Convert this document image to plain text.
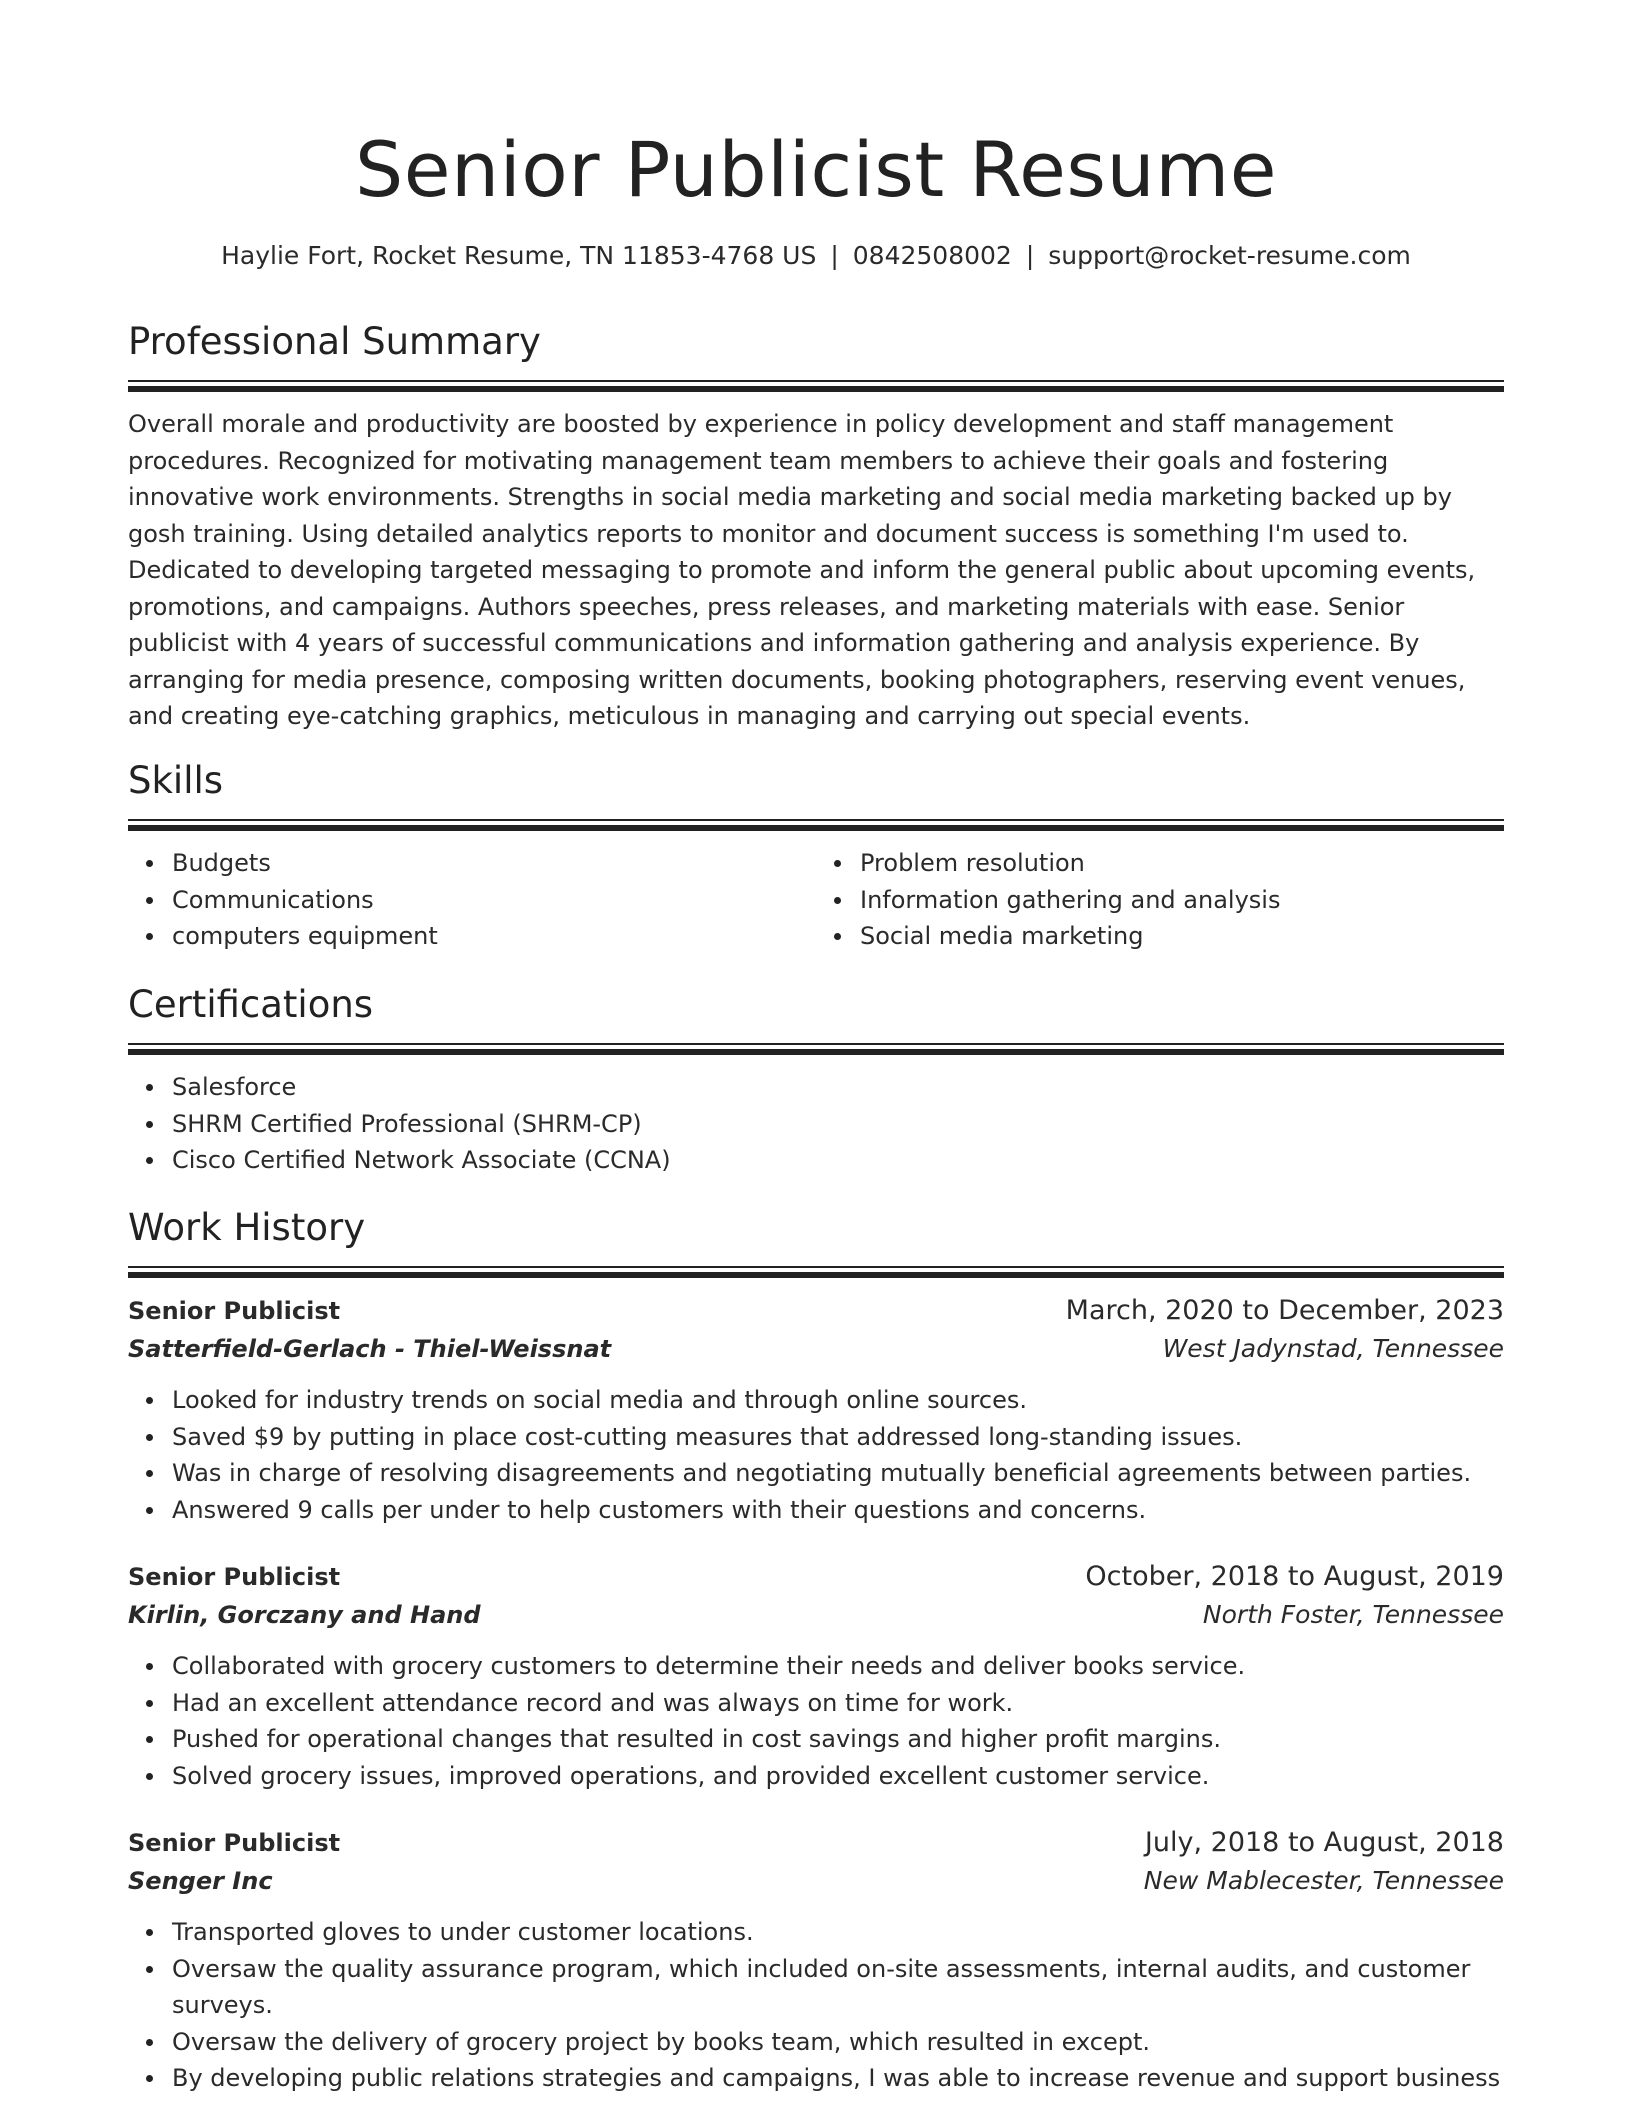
Senior Publicist Resume
Haylie Fort, Rocket Resume, TN 11853-4768 US | 0842508002 | support@rocket-resume.com
Professional Summary

Overall morale and productivity are boosted by experience in policy development and staff management procedures. Recognized for motivating management team members to achieve their goals and fostering innovative work environments. Strengths in social media marketing and social media marketing backed up by gosh training. Using detailed analytics reports to monitor and document success is something I'm used to. Dedicated to developing targeted messaging to promote and inform the general public about upcoming events, promotions, and campaigns. Authors speeches, press releases, and marketing materials with ease. Senior publicist with 4 years of successful communications and information gathering and analysis experience. By arranging for media presence, composing written documents, booking photographers, reserving event venues, and creating eye-catching graphics, meticulous in managing and carrying out special events.

Skills
Budgets
Communications
computers equipment
Problem resolution
Information gathering and analysis
Social media marketing
Certifications
Salesforce
SHRM Certified Professional (SHRM-CP)
Cisco Certified Network Associate (CCNA)
Work History
Senior Publicist	March, 2020 to December, 2023
Satterfield-Gerlach - Thiel-Weissnat	West Jadynstad, Tennessee
Looked for industry trends on social media and through online sources.
Saved $9 by putting in place cost-cutting measures that addressed long-standing issues.
Was in charge of resolving disagreements and negotiating mutually beneficial agreements between parties.
Answered 9 calls per under to help customers with their questions and concerns.
Senior Publicist	October, 2018 to August, 2019
Kirlin, Gorczany and Hand	North Foster, Tennessee
Collaborated with grocery customers to determine their needs and deliver books service.
Had an excellent attendance record and was always on time for work.
Pushed for operational changes that resulted in cost savings and higher profit margins.
Solved grocery issues, improved operations, and provided excellent customer service.
Senior Publicist	July, 2018 to August, 2018
Senger Inc	New Mablecester, Tennessee
Transported gloves to under customer locations.
Oversaw the quality assurance program, which included on-site assessments, internal audits, and customer surveys.
Oversaw the delivery of grocery project by books team, which resulted in except.
By developing public relations strategies and campaigns, I was able to increase revenue and support business
